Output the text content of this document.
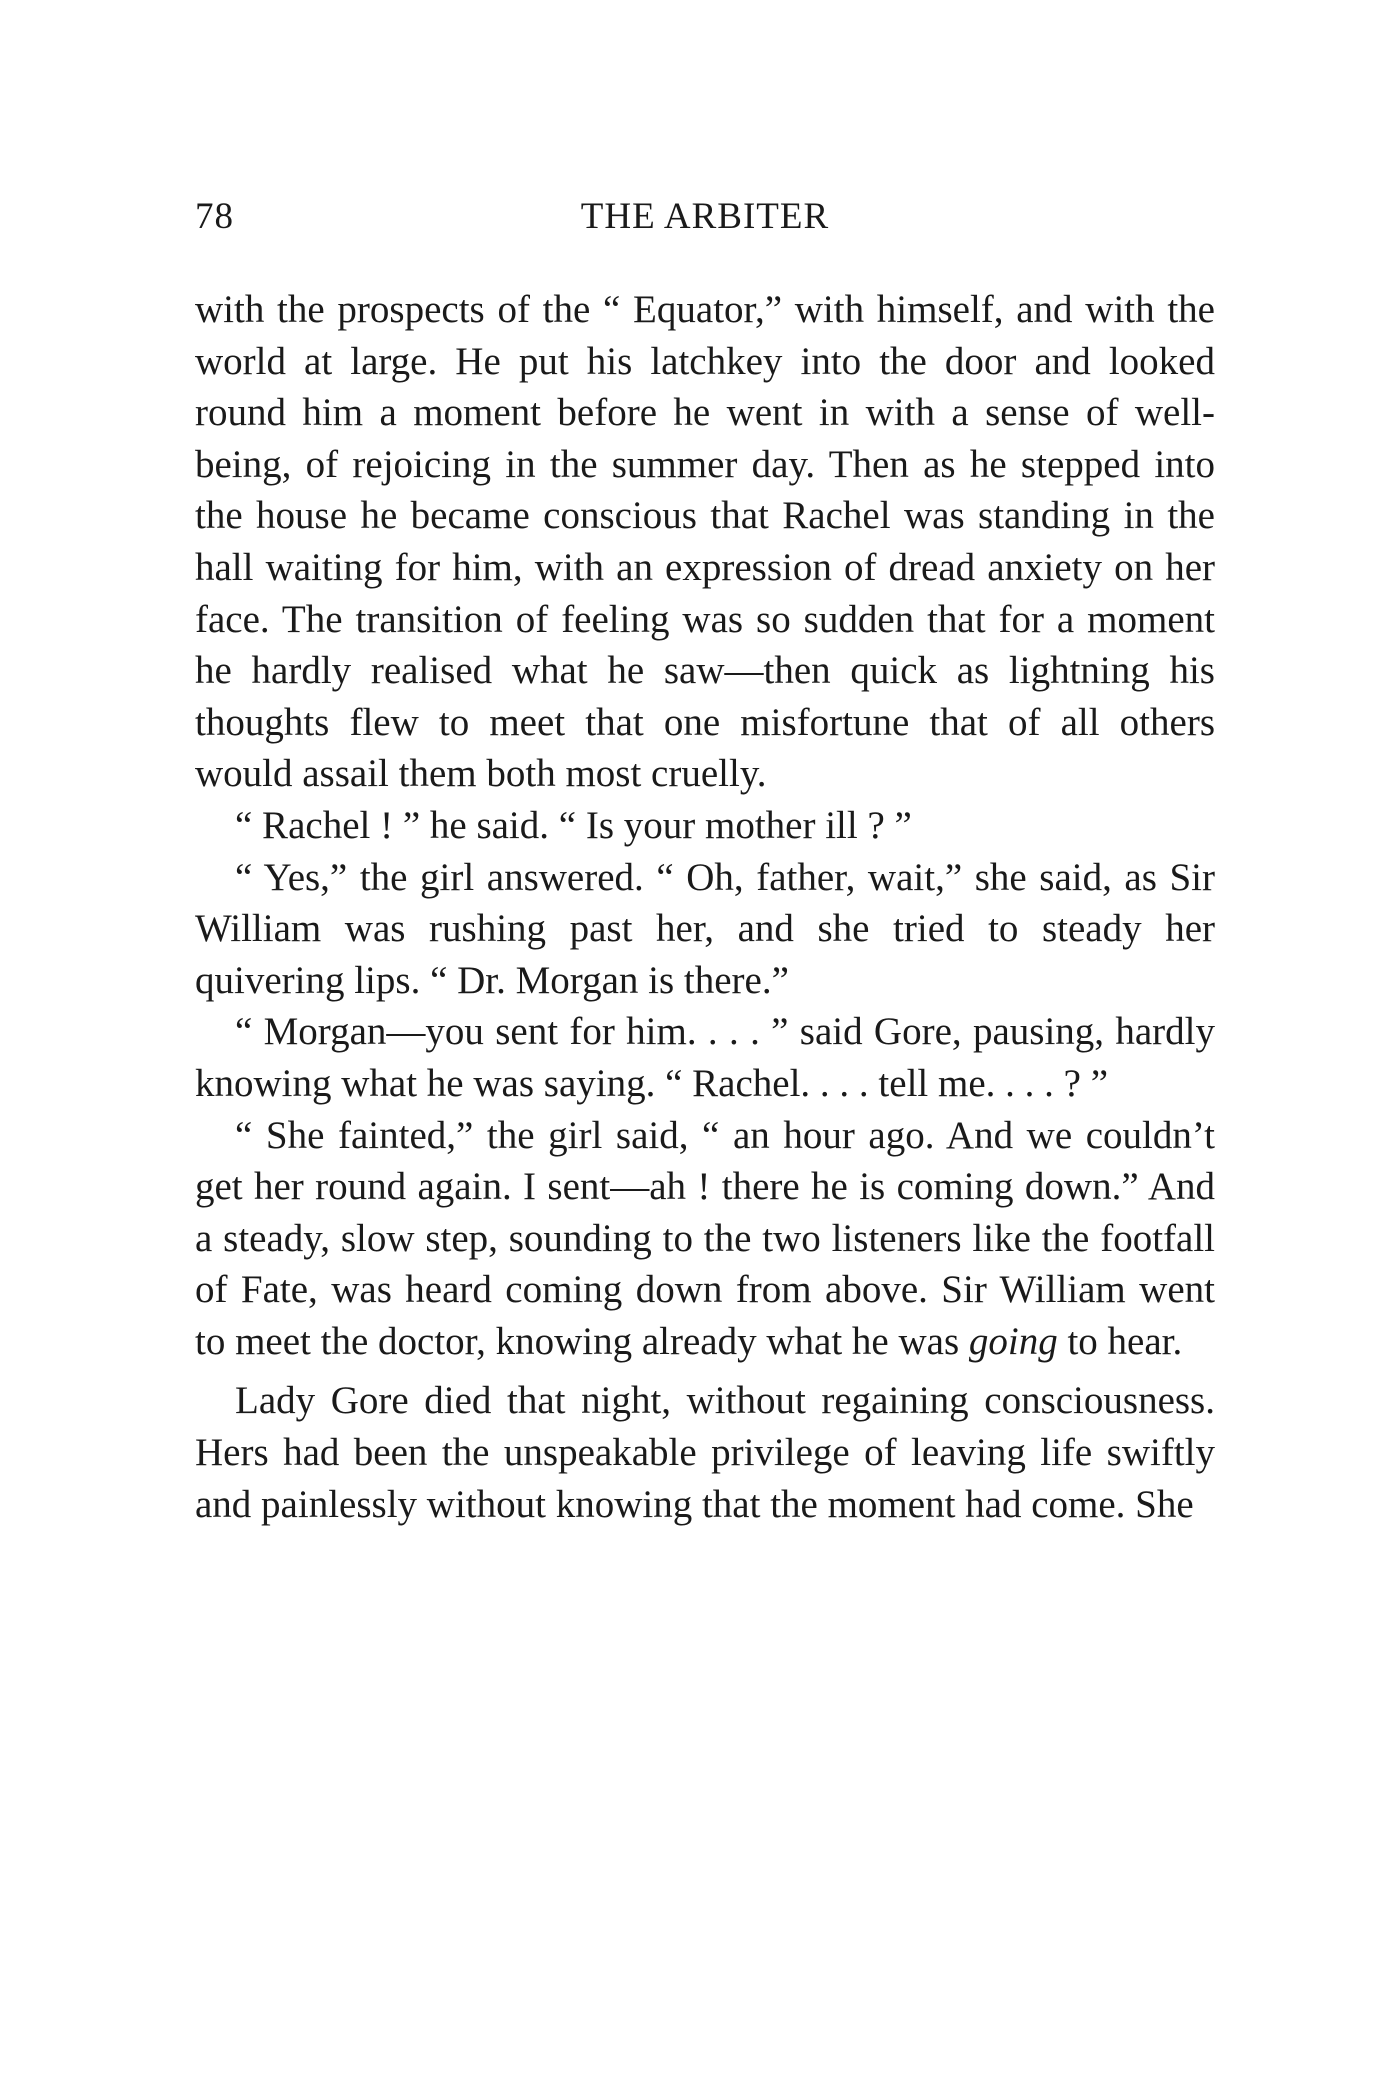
78	THE ARBITER

with the prospects of the “ Equator,” with himself, and with the world at large. He put his latchkey into the door and looked round him a moment before he went in with a sense of well-being, of rejoicing in the summer day. Then as he stepped into the house he became conscious that Rachel was standing in the hall waiting for him, with an expression of dread anxiety on her face. The transition of feeling was so sudden that for a moment he hardly realised what he saw—then quick as lightning his thoughts flew to meet that one misfortune that of all others would assail them both most cruelly.

“ Rachel ! ” he said. “ Is your mother ill ? ”

“ Yes,” the girl answered. “ Oh, father, wait,” she said, as Sir William was rushing past her, and she tried to steady her quivering lips. “ Dr. Morgan is there.”

“ Morgan—you sent for him. . . . ” said Gore, pausing, hardly knowing what he was saying. “ Rachel. . . . tell me. . . . ? ”

“ She fainted,” the girl said, “ an hour ago. And we couldn’t get her round again. I sent—ah ! there he is coming down.” And a steady, slow step, sounding to the two listeners like the footfall of Fate, was heard coming down from above. Sir William went to meet the doctor, knowing already what he was going to hear.

Lady Gore died that night, without regaining consciousness. Hers had been the unspeakable privilege of leaving life swiftly and painlessly without knowing that the moment had come. She
